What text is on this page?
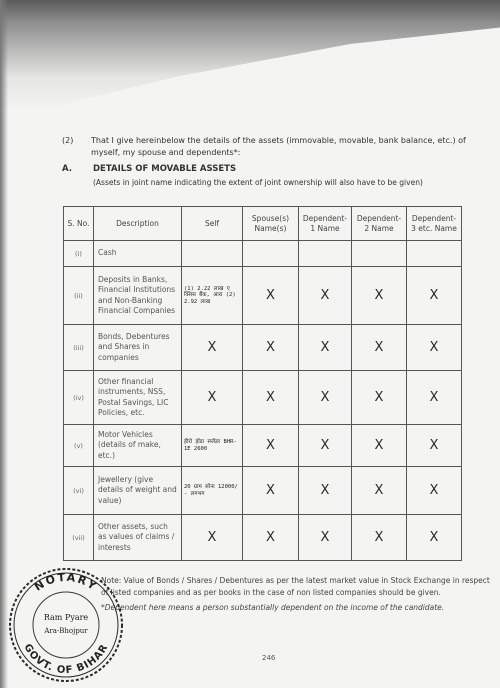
(2) That I give hereinbelow the details of the assets (immovable, movable, bank balance, etc.) of myself, my spouse and dependents*:
A. DETAILS OF MOVABLE ASSETS
(Assets in joint name indicating the extent of joint ownership will also have to be given)
S. No.	Description	Self	Spouse(s) Name(s)	Dependent-1 Name	Dependent-2 Name	Dependent-3 etc. Name
(i)	Cash					
(ii)	Deposits in Banks, Financial Institutions and Non-Banking Financial Companies	(1) 2.22 लाख एक्सिस बैंक, आरा (2) 2.92 लाख	X	X	X	X
(iii)	Bonds, Debentures and Shares in companies	X	X	X	X	X
(iv)	Other financial instruments, NSS, Postal Savings, LIC Policies, etc.	X	X	X	X	X
(v)	Motor Vehicles (details of make, etc.)	हीरो होंडा स्प्लेंडर BHR-1E 2600	X	X	X	X
(vi)	Jewellery (give details of weight and value)	20 ग्राम सोना 12000/- लगभग	X	X	X	X
(vii)	Other assets, such as values of claims / interests	X	X	X	X	X
Note: Value of Bonds / Shares / Debentures as per the latest market value in Stock Exchange in respect
of listed companies and as per books in the case of non listed companies should be given.
*Dependent here means a person substantially dependent on the income of the candidate.
246
NOTARY
GOVT. OF BIHAR
Ram Pyare
Ara-Bhojpur
